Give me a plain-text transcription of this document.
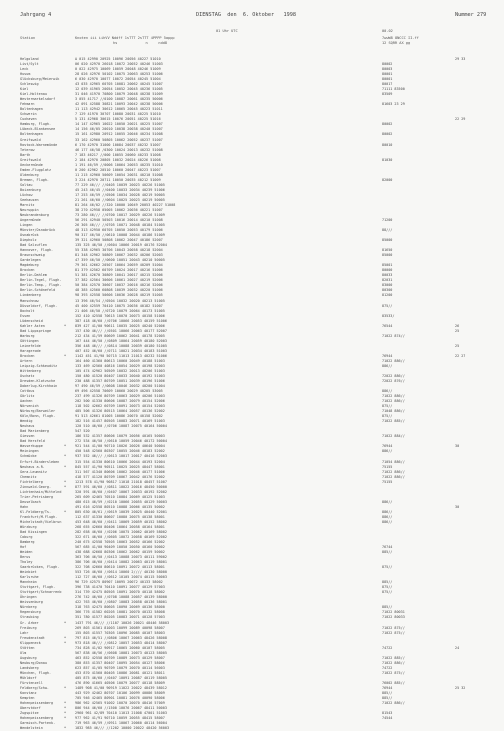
Jahrgang 4	DIENSTAG  den  6. Oktober   1998	Nummer 279
01 Uhr UTC	00-02
Station	Knoten iii iihVV Nddff 1sTTT 2sTTT 4PPPP 5appp	7wwW8 8NCCC II-ff
hs             n     ndd8	12 SQRR AX gg
Helgoland	A 015 42990 20925 10096 20056 40227 51010	29 33
List/Sylt	06 020 42970 26018 10072 20052 40246 51003	80002
Leck	0 022 42975 10069 10059 20048 40246 51009	80003
Husum	28 026 42976 50102 10075 20063 40253 51006	80001
Glücksburg/Meierwik	6 030 42970 10077 10072 20054 40245 51004	80001
Schleswig	43 035 42965 60705 10081 20062 40245 51007	80017
Kiel	12 039 41965 20054 10052 20045 40236 51005	71111 83500
Kiel-Holtenau	31 046 41970 70800 10079 20048 40238 51009	83509
Westermarkelsdorf	3 055 41717 //0100 10087 20061 40235 50006
Fehmarn	42 091 42588 30821 10093 20042 40238 50006	81603 23 29
Boltenhagen	11 113 42942 30612 10065 20045 40223 51011
Schwerin	7 129 41970 30707 10080 20031 40225 51010
Cuxhaven	5 131 42968 30615 10076 20051 40225 51016	22 29
Hamburg, Flugh.	14 147 42965 10022 10050 20021 40225 51007	80002
Lübeck-Blankensee	14 156 46/05 20010 10038 20038 40240 51007
Boltenhagen	15 161 42980 20912 10055 20046 40234 51008	80002
Greifswald	33 162 42960 50805 10062 20052 40237 51007
Rostock-Warnemünde	6 170 42970 31000 10084 20037 40232 51007	80010
Teterow	46 177 46/58 /0300 10024 20013 40232 51008
Barth	7 183 46217 //000 10055 20060 40233 51008
Greifswald	2 184 42970 20805 10032 20024 40226 51008	81030
Ueckermünde	1 191 46/59 //0006 10064 20053 40235 51010
Emden-Flugplatz	0 200 42962 20510 10060 20047 40223 51007
Oldenburg	11 215 42960 50609 10054 20031 40210 51008
Bremen, Flugh.	3 224 42970 20711 10050 20035 40212 51009	82000
Soltau	77 229 46/// //0405 10039 20023 40226 51005
Boizenburg	45 243 46/45 //0400 10033 20034 40239 51006
Lüchow	17 253 46/59 //0506 10034 20028 40219 50005
Seehausen	21 261 46/60 //0604 10025 20023 40219 50005
Marnitz	81 264 46/02 //320 10000 10049 20053 40227 51008
Neuruppin	38 270 42958 05005 10062 20036 40221 51007
Neubrandenburg	73 280 46/// //0700 10017 20029 40226 51009
Angermünde	56 291 42940 50503 10016 20014 40210 51008	71200
Lingen	26 305 46/// //0705 10071 20048 40184 51005
Münster/Osnabrück	48 313 42950 60705 10050 20053 40179 51006	88///
Osnabrück	90 317 46/50 //0610 10008 20044 40186 51009
Diepholz	39 321 42960 50808 10062 20047 40186 52007	85000
Bad Salzuflen	135 325 46/50 //0604 10066 20019 40176 52004
Hannover, Flugh.	55 338 42965 30706 10043 20058 40218 52004	81650
Braunschweig	81 348 42962 50809 10067 20032 40206 52003	85000
Gardelegen	47 359 46/50 //0600 10051 20043 40210 50005
Magdeburg	79 361 42662 20507 10064 20059 40209 51004	85001
Brocken	81 379 42562 60709 10024 20017 40216 51006	80000
Berlin-Dahlem	51 381 42670 30809 10041 20017 40215 52006	80033
Berlin-Tegel, Flugh.	37 382 42564 30606 10061 20027 40219 52006	82031
Berlin-Temp., Flugh.	50 384 42570 30607 10037 20016 40216 52006	83000
Berlin-Schönefeld	48 385 42560 60808 10039 20032 40220 51006	80300
Lindenberg	98 393 42558 50606 10036 20028 40219 51005	81200
Manschnow	13 396 46/54 //0504 10032 20020 40213 51005
Düsseldorf, Flugh.	45 400 42559 70410 10075 20036 40182 51007	875//
Bocholt	21 406 46/50 //0720 10079 20064 40173 51005
Essen	152 410 42558 70615 10070 20073 40158 51006	83533/
Lüdenscheid	387 418 46/60 //0706 10066 20053 40159 51006
Kahler Asten	*	839 427 41/00 90611 10035 20025 40240 52006	76544	26
Bad Lippspringe	157 430 46/// //0501 10066 20063 40177 52007	25
Warburg	212 434 41/59 80609 10062 20041 40178 52005	71022 874//
Göttingen	167 444 46/50 //0809 10064 20059 40180 52003
Leinefelde	356 448 46/// //0814 10088 20039 40180 51005	25
Harzgerode	407 452 46/60 //0711 10021 20034 40183 51003
Brocken	*	1142 451 41/90 50715 11013 21013 40232 51006	76944	22 27
Artern	164 460 41360 80613 10060 20049 40188 51003	71022 886//
Leipzig-Schkeuditz	133 469 42560 40816 10054 20029 40198 52003	886//
Wittenberg	105 474 42962 50509 10032 20013 40206 51003
Oschatz	150 480 41520 80407 10033 20040 40192 51003	72022 886//
Dresden-Klotzsche	230 488 41357 80709 10051 20039 40196 51006	72022 876//
Doberlug-Kirchhain	97 490 46/59 //0608 10046 20032 40200 51004
Cottbus	69 496 42558 70609 10060 20029 40205 53005	886//
Görlitz	237 499 41326 80709 10063 20029 40206 51003	71022 886//
Aachen	202 500 41330 80606 10087 20079 40154 52006	71022 886//
Nörvenich	118 502 42662 60709 10091 20073 40154 52003	875//
Nürburg/Barweiler	485 506 41326 80515 10064 20057 40136 52002	71048 886//
Köln/Bonn, Flugh.	91 513 42661 81005 10086 20070 40158 52002	875//
Wendig	182 516 41457 80505 10083 20071 40169 51003	71022 885//
Neuhaus	120 510 46/60 //0706 10087 20075 40164 50004
Bad Marienberg	547 520
Giessen	186 532 41357 80606 10079 20056 40165 50003	71022 884//
Bad Hersfeld	272 534 46/50 //0610 10059 20046 40172 50004
Wasserkuppe	*	921 544 41/00 90710 10026 20026 40640 50004	76944	30
Meiningen	450 548 42560 80307 10055 20046 40183 52002	886//
Schmücke	*	937 552 46/// //0613 10017 20017 40416 52003
Erfurt-Bindersleben	315 554 41330 80610 10066 20044 40193 52004	71054 886//
Neuhaus a.R.	*	845 557 41/90 90511 10025 20025 48447 58001	75155
Gera-Leumnitz	311 567 41340 80606 10062 20046 40177 51006	71022 886//
Chemnitz	418 577 41120 80709 10067 20042 40176 52002	71022 886//
Fichtelberg	*	1213 578 41/90 90817 11018 21018 48457 51007	75155
Zinnwald-Georg.	*	877 591 46/60 //0811 10022 20016 48450 50000
Lichtenhain/Mittelnd	320 591 46/60 //0407 10067 20033 40192 52002
Trier-Petrisberg	265 609 42465 70510 10084 20069 40125 51003
Deuselbach	480 615 46/59 //0210 10066 20055 40129 50003	886//
Hahn	491 616 42558 80510 10088 20066 40135 50002	30
Kl.Feldberg/Ts.	*	805 630 46/61 //0619 10039 20025 40440 52001	886//
Frankfurt/M.Flugh.	112 637 41330 80607 10080 20075 40138 58001	886//
Michelstadt/Vielbrun	453 648 46/60 //0411 10069 20059 40152 58002	886//
Würzburg	268 655 42660 80406 10064 20058 40164 58001
Bad Kissingen	282 658 46/60 //0206 10075 20062 40169 58002
Coburg	322 671 46/60 //0605 10072 20058 40169 52002
Bamberg	240 675 42558 70505 10063 20052 40166 52002
Hof	567 685 41/00 90409 10050 20050 40160 50002	76744
Weiden	438 688 42668 80306 10062 20062 40159 50002	885//
Berus	363 706 46/50 //0413 10088 20073 40111 59002
Tholey	386 706 46/60 //0414 10082 20063 40119 58001
Saarbrücken, Flugh.	322 708 42660 80610 10091 20072 40113 58001	875//
Weinbiet	553 726 46/60 //0614 10060 2//// 40130 58000
Karlsruhe	112 727 46/60 //0612 10105 20074 40115 50003
Mannheim	96 729 42575 80907 10095 20072 40133 58002	885//
Stuttgart, Flugh.	396 738 41470 70410 10091 20077 40129 57003	875//
Stuttgart/Schnarrenb	314 739 42475 80505 10091 20070 40118 58002	875//
Öhringen	276 742 46/60 //0708 10088 20057 40139 58000
Weissenburg	422 763 46/60 //0807 10083 20058 40136 58001
Nürnberg	318 763 42475 80605 10090 20069 40136 58000	885//
Regensburg	366 776 41582 60205 10081 20070 40132 58008	71022 80031
Straubing	351 780 41577 80205 10083 20071 40128 57003	71022 80033
Gr. Arber	*	1437 791 46/// //1107 10026 20021 48446 58003
Freiburg	269 803 41561 81003 10099 20089 40098 58007	71022 875//
Lahr	155 803 41557 70305 10096 20085 40107 58003	71022 875//
Freudenstadt	*	797 815 46/51 //0806 10067 20063 48426 58008
Klippeneck	*	973 818 46/// //0812 10057 20053 48414 58007
Stötten	734 828 41/02 90917 10065 20060 40107 58005	74722	24
Ulm	567 838 46/56 //0608 10081 20073 40123 58005
Augsburg	463 852 42558 80709 10089 20073 40129 58007	71022 885//
Neuburg/Donau	380 853 41357 80407 10095 20054 40127 58006	71022 886//
Landsberg	623 857 41/05 90709 10079 20070 40114 56003	74722
München, Flugh.	453 870 41560 80405 10086 20081 40121 58011	71022 875//
Mühldorf	405 875 46/60 //0407 10091 20087 40119 58005
Fürstenzell	476 890 41665 40506 10079 20077 40118 58009	76002 885//
Feldberg/Schw.	*	1489 908 41/00 90919 11022 20022 48439 58012	76944	25 32
Konstanz	443 929 42462 80707 10106 20099 40086 58009	885//
Kempten	705 946 42465 80901 10081 20076 40090 58006	885//
Hohenpeissenberg	*	986 962 42565 91002 10070 20070 48416 57009	71022 886//
Oberstdorf	*	806 944 46/60 //1500 10076 20067 48411 50003
Zugspitze	*	2960 961 42/89 70410 11013 21008 47001 51003	81543
Hohenpeissenberg	*	977 962 41/91 90710 10059 20055 48415 58007	74544
Garmisch-Partenk.	719 963 46/59 //0911 10067 20060 40114 56004
Wendelstein	*	1832 985 46/// //1202 10000 20022 48420 56003
